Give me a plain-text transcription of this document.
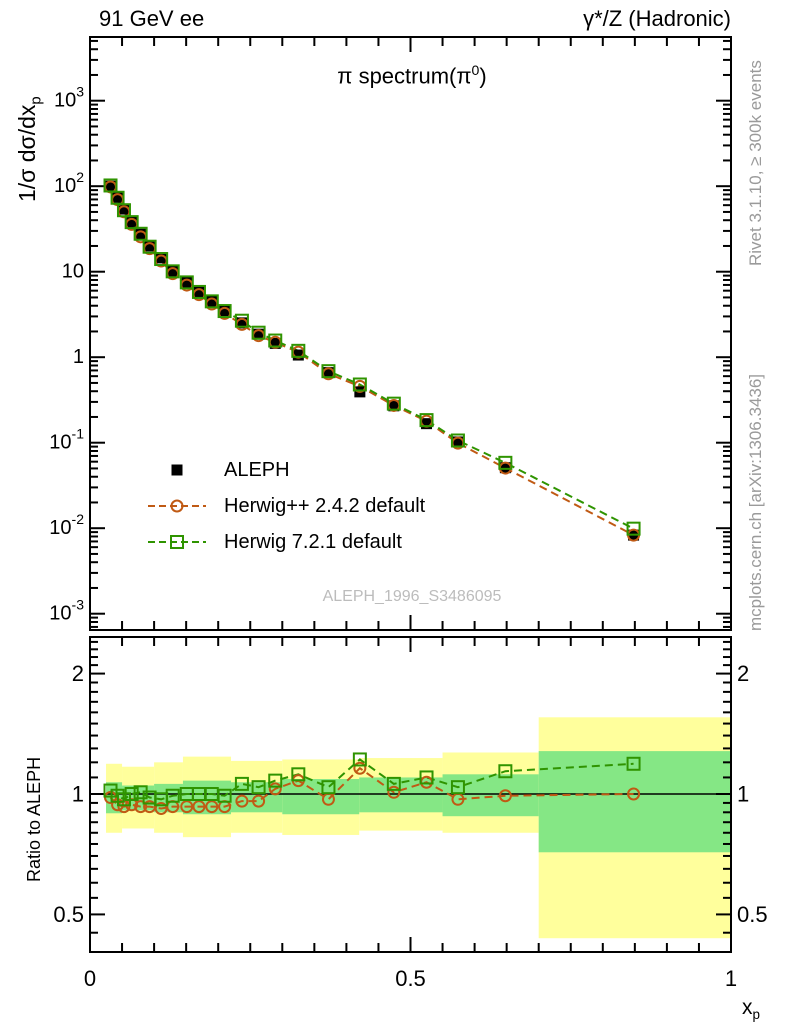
$10^3$
$10^2$
10
1
$10^{-1}$
$10^{-2}$
$10^{-3}$
2	2
1	1
0.5	0.5
0	0.5	1
91 GeV ee	γ*/Z (Hadronic)
π $spectrum(\pi^0)$
1/σ $d\sigma/dx_p$
Ratio to ALEPH
Rivet 3.1.10, ≥ 300k events
mcplots.cern.ch [arXiv:1306.3436]
ALEPH_1996_S3486095
$x_p$
ALEPH
Herwig++ 2.4.2 default
Herwig 7.2.1 default
